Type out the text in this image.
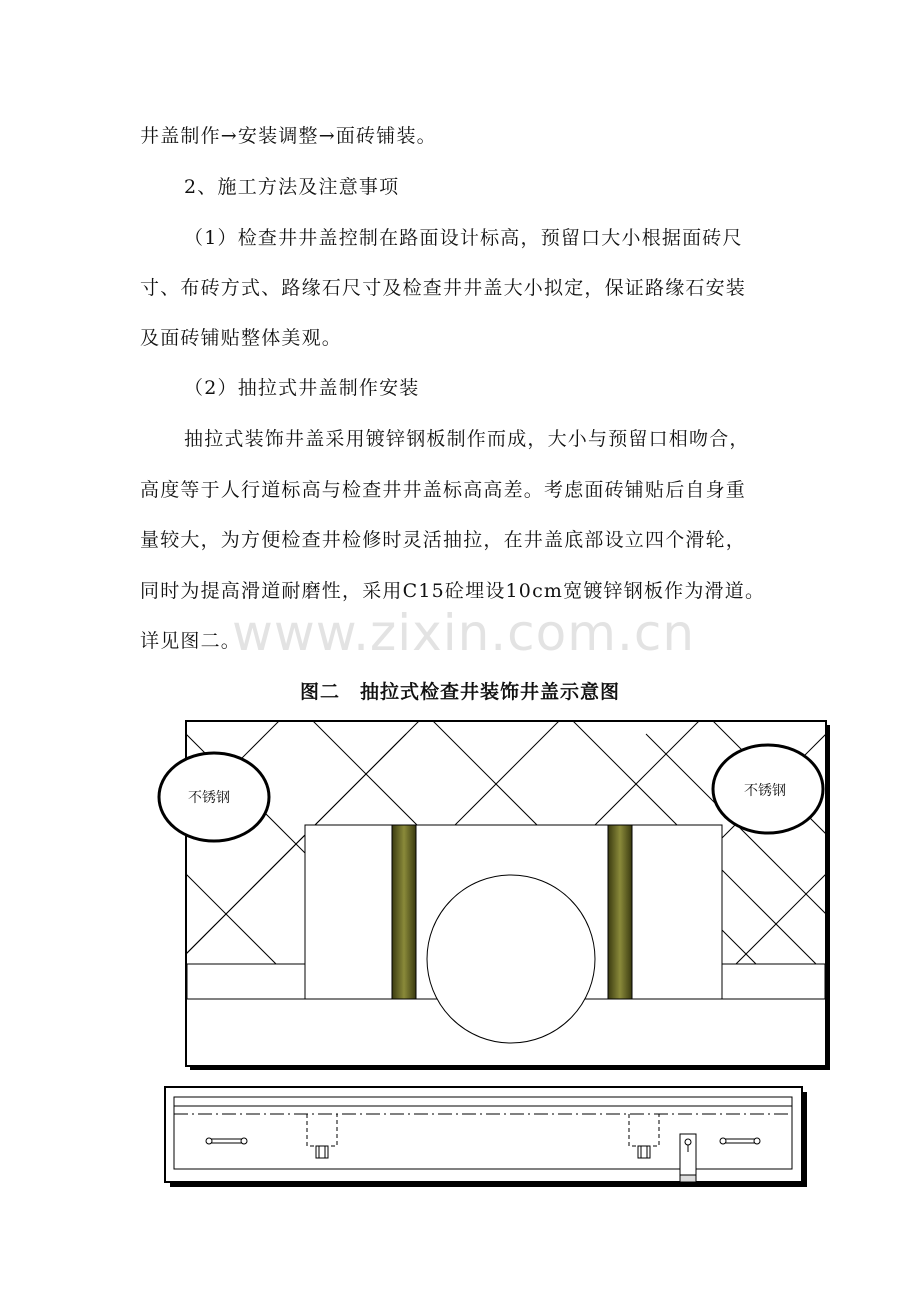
井盖制作→安装调整→面砖铺装。
2、施工方法及注意事项
（1）检查井井盖控制在路面设计标高，预留口大小根据面砖尺
寸、布砖方式、路缘石尺寸及检查井井盖大小拟定，保证路缘石安装
及面砖铺贴整体美观。
（2）抽拉式井盖制作安装
抽拉式装饰井盖采用镀锌钢板制作而成，大小与预留口相吻合，
高度等于人行道标高与检查井井盖标高高差。考虑面砖铺贴后自身重
量较大，为方便检查井检修时灵活抽拉，在井盖底部设立四个滑轮，
同时为提高滑道耐磨性，采用C15砼埋设10cm宽镀锌钢板作为滑道。
详见图二。
www.zixin.com.cn
图二　抽拉式检查井装饰井盖示意图
不锈钢	不锈钢
